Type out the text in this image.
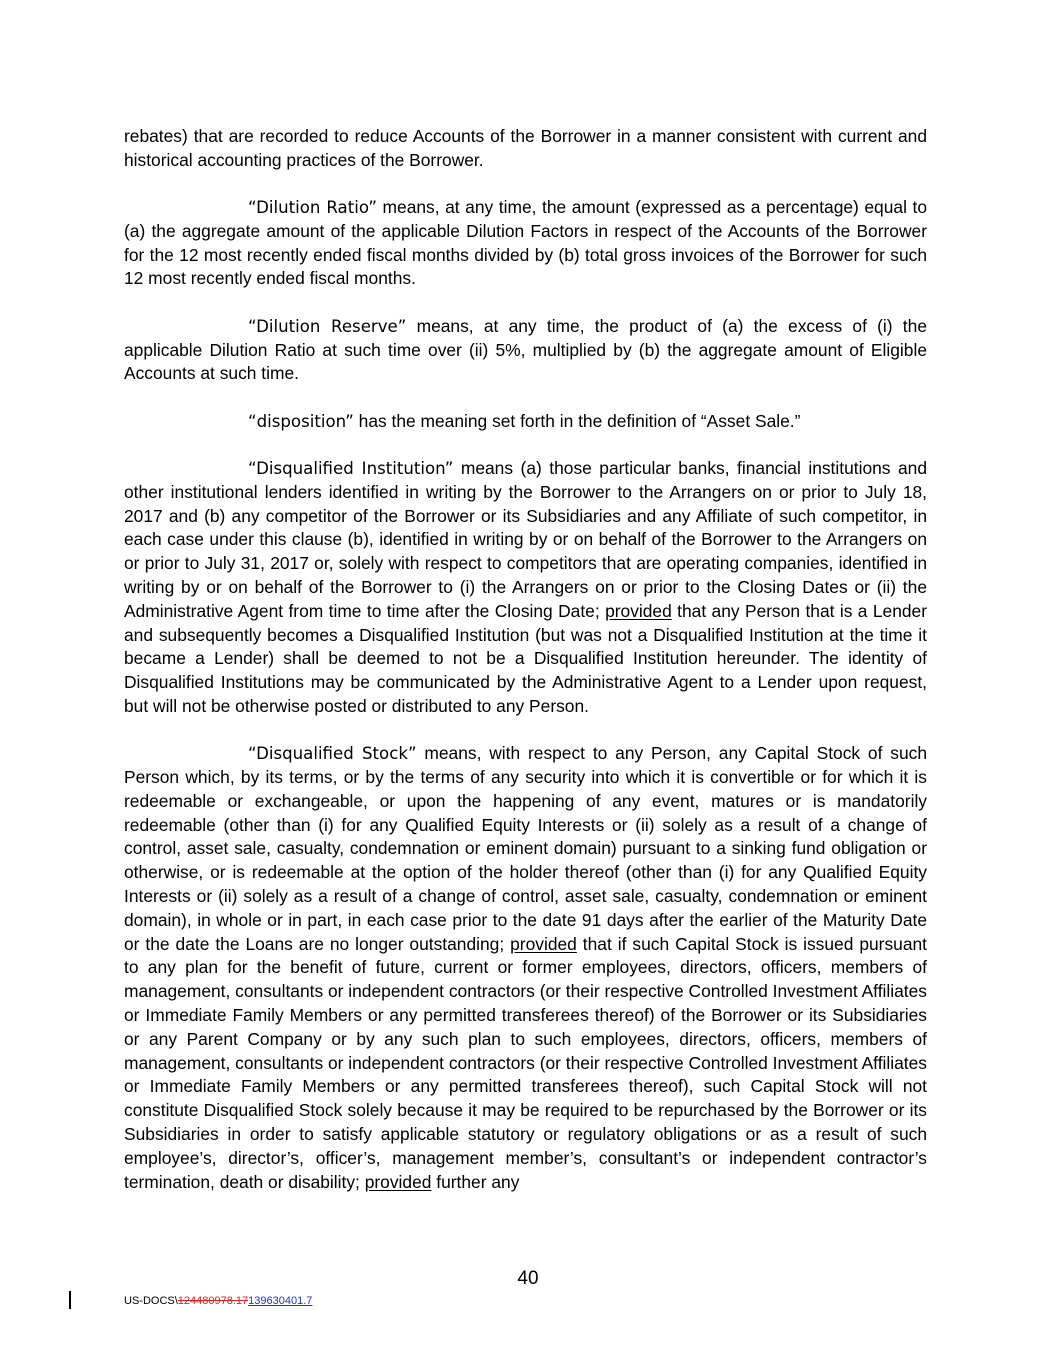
rebates) that are recorded to reduce Accounts of the Borrower in a manner consistent with current and historical accounting practices of the Borrower.

“Dilution Ratio” means, at any time, the amount (expressed as a percentage) equal to (a) the aggregate amount of the applicable Dilution Factors in respect of the Accounts of the Borrower for the 12 most recently ended fiscal months divided by (b) total gross invoices of the Borrower for such 12 most recently ended fiscal months.

“Dilution Reserve” means, at any time, the product of (a) the excess of (i) the applicable Dilution Ratio at such time over (ii) 5%, multiplied by (b) the aggregate amount of Eligible Accounts at such time.

“disposition” has the meaning set forth in the definition of “Asset Sale.”

“Disqualified Institution” means (a) those particular banks, financial institutions and other institutional lenders identified in writing by the Borrower to the Arrangers on or prior to July 18, 2017 and (b) any competitor of the Borrower or its Subsidiaries and any Affiliate of such competitor, in each case under this clause (b), identified in writing by or on behalf of the Borrower to the Arrangers on or prior to July 31, 2017 or, solely with respect to competitors that are operating companies, identified in writing by or on behalf of the Borrower to (i) the Arrangers on or prior to the Closing Dates or (ii) the Administrative Agent from time to time after the Closing Date; provided that any Person that is a Lender and subsequently becomes a Disqualified Institution (but was not a Disqualified Institution at the time it became a Lender) shall be deemed to not be a Disqualified Institution hereunder. The identity of Disqualified Institutions may be communicated by the Administrative Agent to a Lender upon request, but will not be otherwise posted or distributed to any Person.

“Disqualified Stock” means, with respect to any Person, any Capital Stock of such Person which, by its terms, or by the terms of any security into which it is convertible or for which it is redeemable or exchangeable, or upon the happening of any event, matures or is mandatorily redeemable (other than (i) for any Qualified Equity Interests or (ii) solely as a result of a change of control, asset sale, casualty, condemnation or eminent domain) pursuant to a sinking fund obligation or otherwise, or is redeemable at the option of the holder thereof (other than (i) for any Qualified Equity Interests or (ii) solely as a result of a change of control, asset sale, casualty, condemnation or eminent domain), in whole or in part, in each case prior to the date 91 days after the earlier of the Maturity Date or the date the Loans are no longer outstanding; provided that if such Capital Stock is issued pursuant to any plan for the benefit of future, current or former employees, directors, officers, members of management, consultants or independent contractors (or their respective Controlled Investment Affiliates or Immediate Family Members or any permitted transferees thereof) of the Borrower or its Subsidiaries or any Parent Company or by any such plan to such employees, directors, officers, members of management, consultants or independent contractors (or their respective Controlled Investment Affiliates or Immediate Family Members or any permitted transferees thereof), such Capital Stock will not constitute Disqualified Stock solely because it may be required to be repurchased by the Borrower or its Subsidiaries in order to satisfy applicable statutory or regulatory obligations or as a result of such employee’s, director’s, officer’s, management member’s, consultant’s or independent contractor’s termination, death or disability; provided further any

40
US-DOCS\124480978.17139630401.7
